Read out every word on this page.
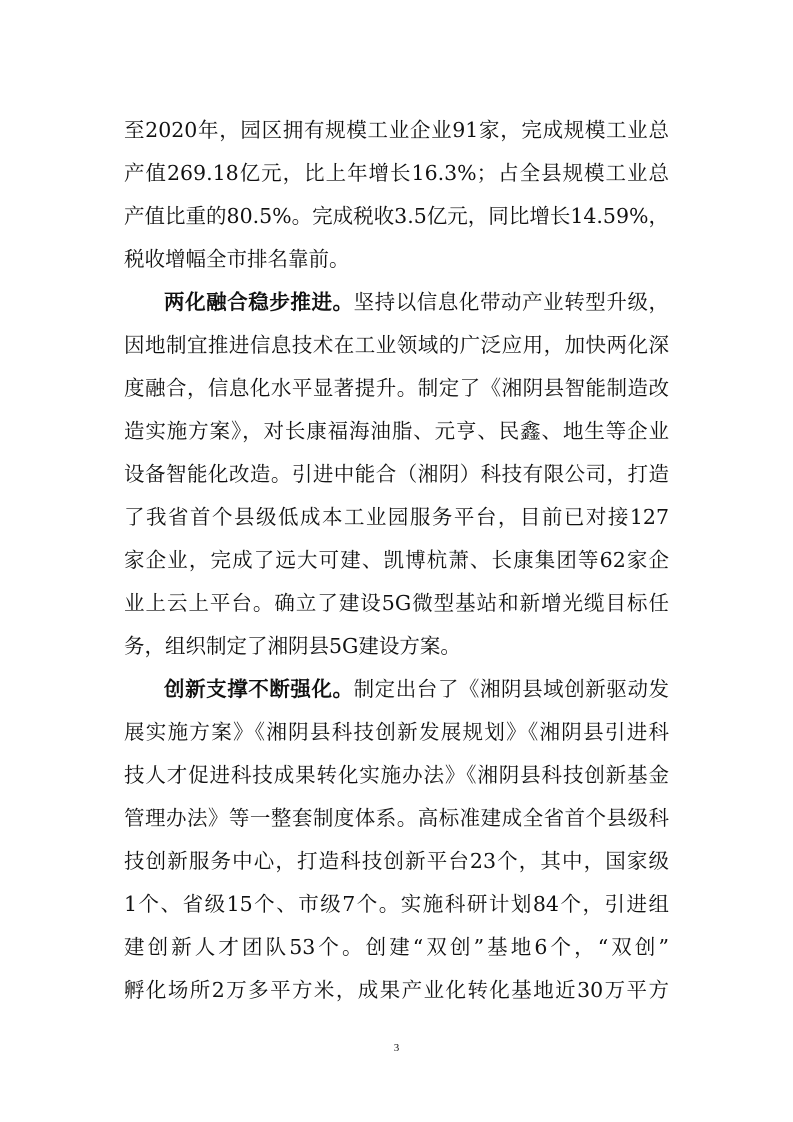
至2020年，园区拥有规模工业企业91家，完成规模工业总
产值269.18亿元，比上年增长16.3%；占全县规模工业总
产值比重的80.5%。完成税收3.5亿元，同比增长14.59%，
税收增幅全市排名靠前。
两化融合稳步推进。坚持以信息化带动产业转型升级，
因地制宜推进信息技术在工业领域的广泛应用，加快两化深
度融合，信息化水平显著提升。制定了《湘阴县智能制造改
造实施方案》，对长康福海油脂、元亨、民鑫、地生等企业
设备智能化改造。引进中能合（湘阴）科技有限公司，打造
了我省首个县级低成本工业园服务平台，目前已对接127
家企业，完成了远大可建、凯博杭萧、长康集团等62家企
业上云上平台。确立了建设5G微型基站和新增光缆目标任
务，组织制定了湘阴县5G建设方案。
创新支撑不断强化。制定出台了《湘阴县域创新驱动发
展实施方案》《湘阴县科技创新发展规划》《湘阴县引进科
技人才促进科技成果转化实施办法》《湘阴县科技创新基金
管理办法》等一整套制度体系。高标准建成全省首个县级科
技创新服务中心，打造科技创新平台23个，其中，国家级
1个、省级15个、市级7个。实施科研计划84个，引进组
建创新人才团队53个。创建“双创”基地6个，“双创”
孵化场所2万多平方米，成果产业化转化基地近30万平方
3
